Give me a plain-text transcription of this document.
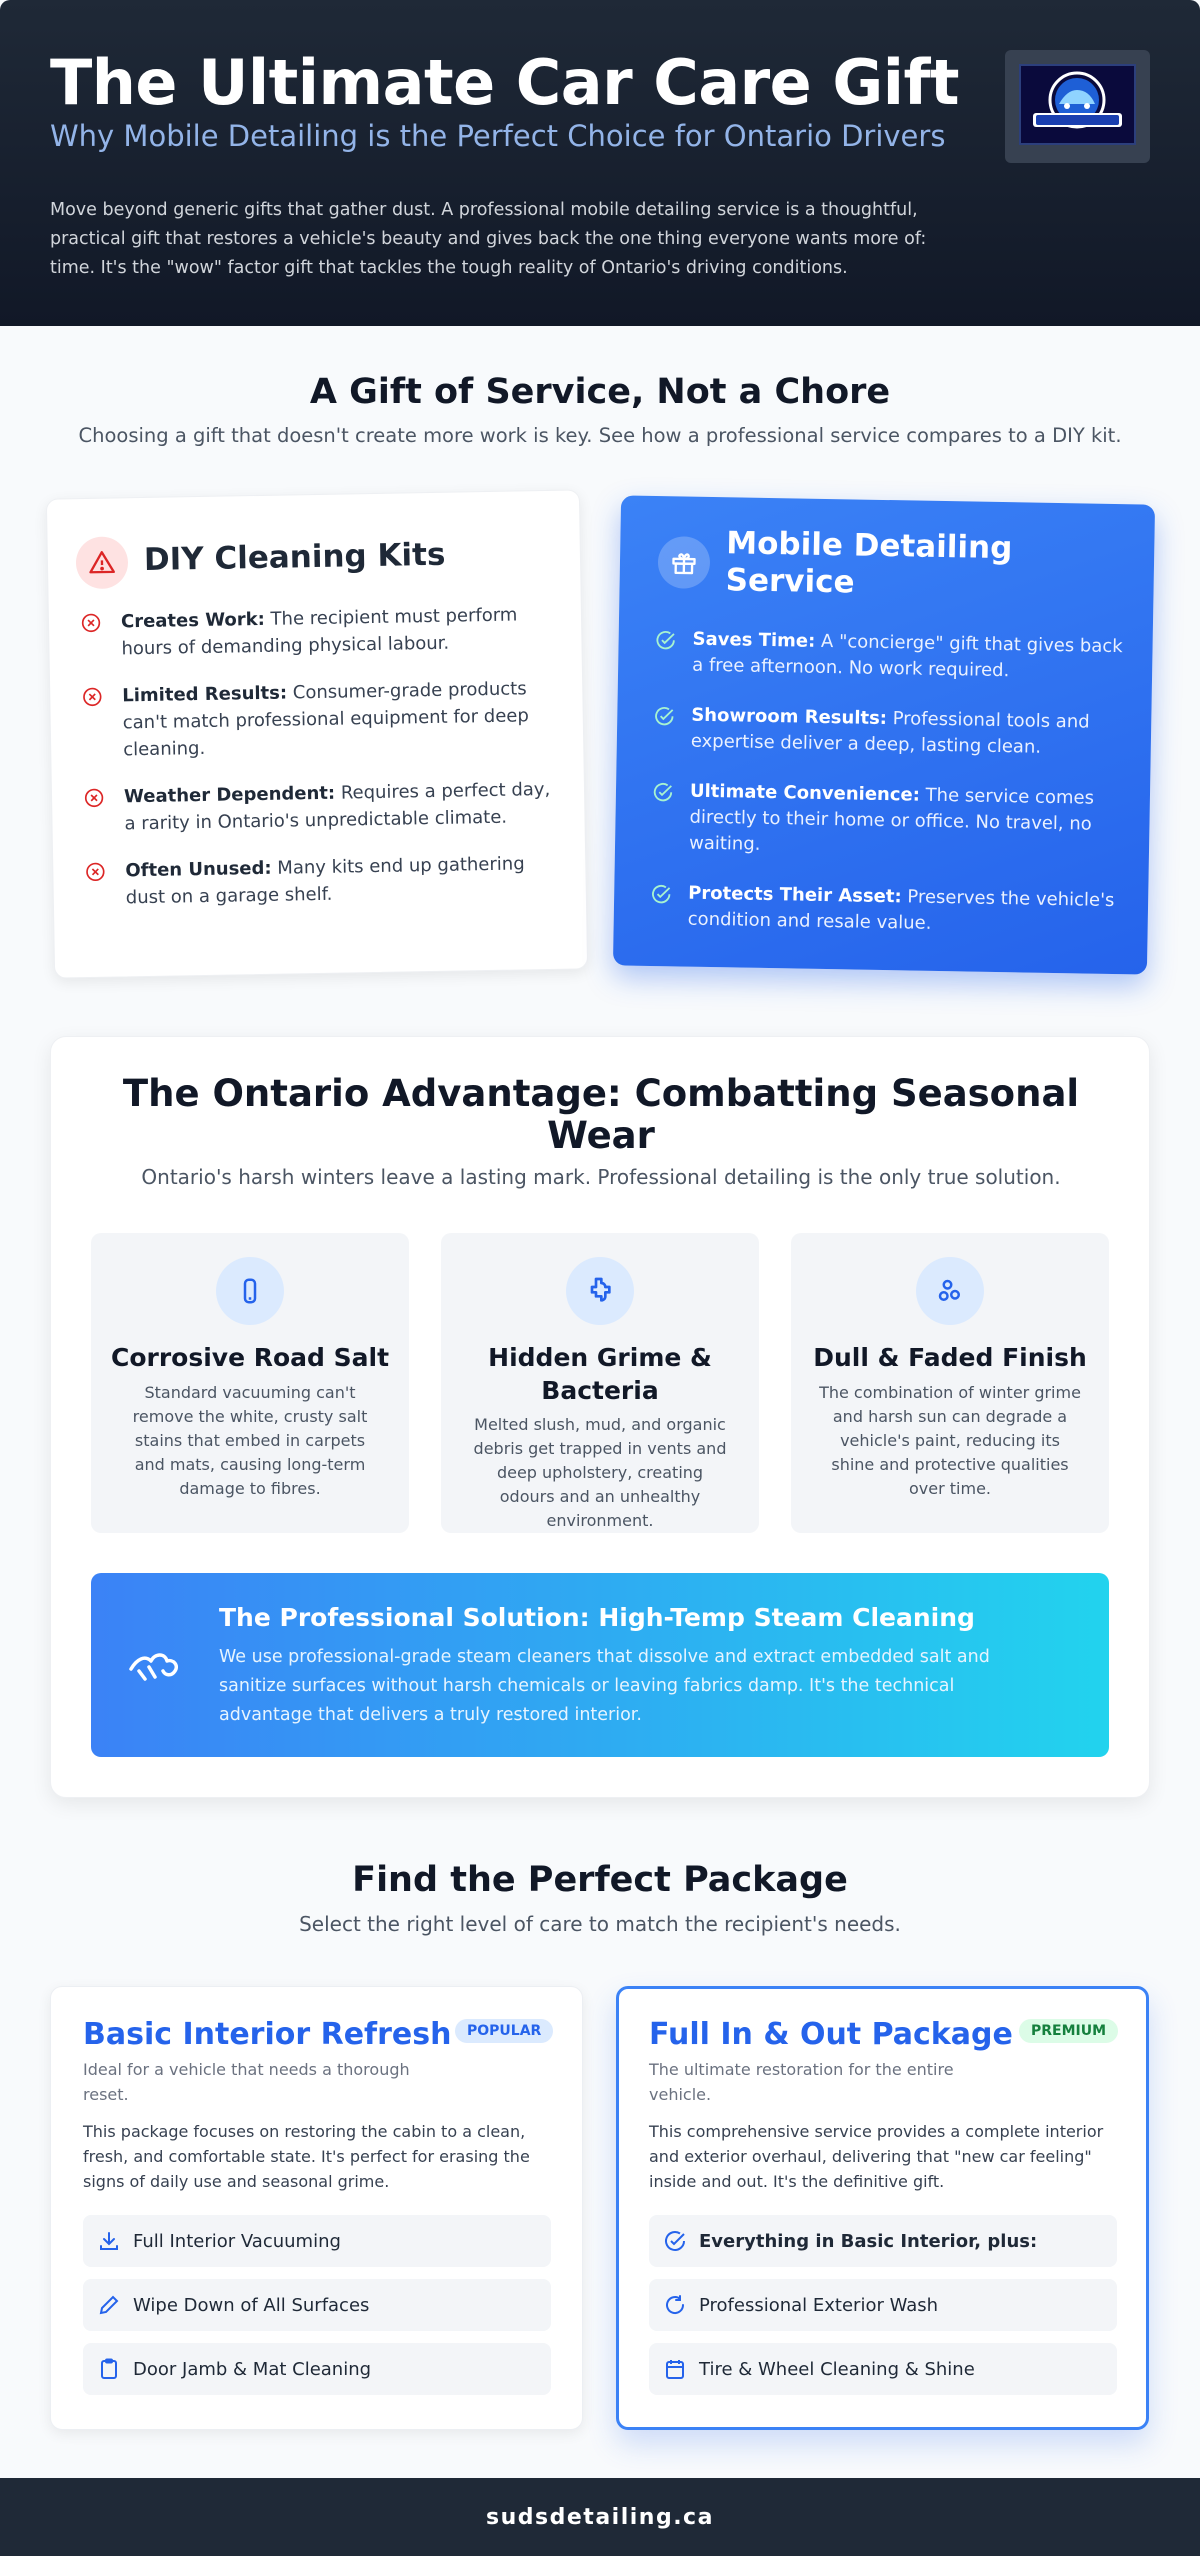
The Ultimate Car Care Gift
Why Mobile Detailing is the Perfect Choice for Ontario Drivers

Move beyond generic gifts that gather dust. A professional mobile detailing service is a thoughtful, practical gift that restores a vehicle's beauty and gives back the one thing everyone wants more of: time. It's the "wow" factor gift that tackles the tough reality of Ontario's driving conditions.

A Gift of Service, Not a Chore

Choosing a gift that doesn't create more work is key. See how a professional service compares to a DIY kit.

DIY Cleaning Kits
Creates Work: The recipient must perform hours of demanding physical labour.
Limited Results: Consumer-grade products can't match professional equipment for deep cleaning.
Weather Dependent: Requires a perfect day, a rarity in Ontario's unpredictable climate.
Often Unused: Many kits end up gathering dust on a garage shelf.
Mobile Detailing Service
Saves Time: A "concierge" gift that gives back a free afternoon. No work required.
Showroom Results: Professional tools and expertise deliver a deep, lasting clean.
Ultimate Convenience: The service comes directly to their home or office. No travel, no waiting.
Protects Their Asset: Preserves the vehicle's condition and resale value.
The Ontario Advantage: Combatting Seasonal Wear

Ontario's harsh winters leave a lasting mark. Professional detailing is the only true solution.

Corrosive Road Salt

Standard vacuuming can't remove the white, crusty salt stains that embed in carpets and mats, causing long-term damage to fibres.

Hidden Grime & Bacteria

Melted slush, mud, and organic debris get trapped in vents and deep upholstery, creating odours and an unhealthy environment.

Dull & Faded Finish

The combination of winter grime and harsh sun can degrade a vehicle's paint, reducing its shine and protective qualities over time.

The Professional Solution: High-Temp Steam Cleaning

We use professional-grade steam cleaners that dissolve and extract embedded salt and sanitize surfaces without harsh chemicals or leaving fabrics damp. It's the technical advantage that delivers a truly restored interior.

Find the Perfect Package

Select the right level of care to match the recipient's needs.

Basic Interior Refresh	POPULAR

Ideal for a vehicle that needs a thorough reset.

This package focuses on restoring the cabin to a clean, fresh, and comfortable state. It's perfect for erasing the signs of daily use and seasonal grime.

Full Interior Vacuuming
Wipe Down of All Surfaces
Door Jamb & Mat Cleaning
Full In & Out Package	PREMIUM

The ultimate restoration for the entire vehicle.

This comprehensive service provides a complete interior and exterior overhaul, delivering that "new car feeling" inside and out. It's the definitive gift.

Everything in Basic Interior, plus:
Professional Exterior Wash
Tire & Wheel Cleaning & Shine
sudsdetailing.ca
